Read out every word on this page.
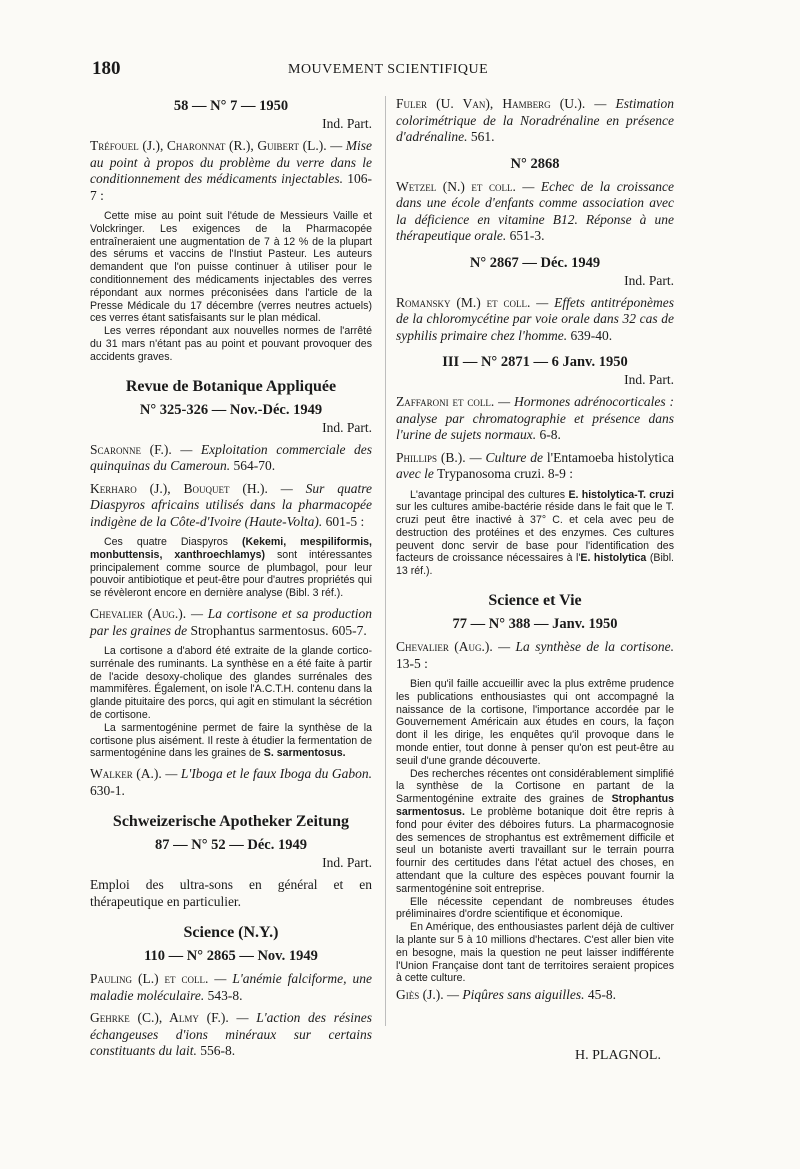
180	MOUVEMENT SCIENTIFIQUE

58 — N° 7 — 1950

Ind. Part.

Tréfouel (J.), Charonnat (R.), Guibert (L.). — Mise au point à propos du problème du verre dans le conditionnement des médicaments injectables. 106-7 :

Cette mise au point suit l'étude de Messieurs Vaille et Volckringer. Les exigences de la Pharmacopée entraîneraient une augmentation de 7 à 12 % de la plupart des sérums et vaccins de l'Instiut Pasteur. Les auteurs demandent que l'on puisse continuer à utiliser pour le conditionnement des médicaments injectables des verres répondant aux normes préconisées dans l'article de la Presse Médicale du 17 décembre (verres neutres actuels) ces verres étant satisfaisants sur le plan médical.

Les verres répondant aux nouvelles normes de l'arrêté du 31 mars n'étant pas au point et pouvant provoquer des accidents graves.

Revue de Botanique Appliquée

N° 325-326 — Nov.-Déc. 1949

Ind. Part.

Scaronne (F.). — Exploitation commerciale des quinquinas du Cameroun. 564-70.

Kerharo (J.), Bouquet (H.). — Sur quatre Diaspyros africains utilisés dans la pharmacopée indigène de la Côte-d'Ivoire (Haute-Volta). 601-5 :

Ces quatre Diaspyros (Kekemi, mespiliformis, monbuttensis, xanthroechlamys) sont intéressantes principalement comme source de plumbagol, pour leur pouvoir antibiotique et peut-être pour d'autres propriétés qui se révèleront encore en dernière analyse (Bibl. 3 réf.).

Chevalier (Aug.). — La cortisone et sa production par les graines de Strophantus sarmentosus. 605-7.

La cortisone a d'abord été extraite de la glande cortico-surrénale des ruminants. La synthèse en a été faite à partir de l'acide desoxy-cholique des glandes surrénales des mammifères. Également, on isole l'A.C.T.H. contenu dans la glande pituitaire des porcs, qui agit en stimulant la sécrétion de cortisone.

La sarmentogénine permet de faire la synthèse de la cortisone plus aisément. Il reste à étudier la fermentation de sarmentogénine dans les graines de S. sarmentosus.

Walker (A.). — L'Iboga et le faux Iboga du Gabon. 630-1.

Schweizerische Apotheker Zeitung

87 — N° 52 — Déc. 1949

Ind. Part.

Emploi des ultra-sons en général et en thérapeutique en particulier.

Science (N.Y.)

110 — N° 2865 — Nov. 1949

Pauling (L.) et coll. — L'anémie falciforme, une maladie moléculaire. 543-8.

Gehrke (C.), Almy (F.). — L'action des résines échangeuses d'ions minéraux sur certains constituants du lait. 556-8.

Fuler (U. Van), Hamberg (U.). — Estimation colorimétrique de la Noradrénaline en présence d'adrénaline. 561.

N° 2868

Wetzel (N.) et coll. — Echec de la croissance dans une école d'enfants comme association avec la déficience en vitamine B12. Réponse à une thérapeutique orale. 651-3.

N° 2867 — Déc. 1949

Ind. Part.

Romansky (M.) et coll. — Effets antitréponèmes de la chloromycétine par voie orale dans 32 cas de syphilis primaire chez l'homme. 639-40.

III — N° 2871 — 6 Janv. 1950

Ind. Part.

Zaffaroni et coll. — Hormones adrénocorticales : analyse par chromatographie et présence dans l'urine de sujets normaux. 6-8.

Phillips (B.). — Culture de l'Entamoeba histolytica avec le Trypanosoma cruzi. 8-9 :

L'avantage principal des cultures E. histolytica-T. cruzi sur les cultures amibe-bactérie réside dans le fait que le T. cruzi peut être inactivé à 37° C. et cela avec peu de destruction des protéines et des enzymes. Ces cultures peuvent donc servir de base pour l'identification des facteurs de croissance nécessaires à l'E. histolytica (Bibl. 13 réf.).

Science et Vie

77 — N° 388 — Janv. 1950

Chevalier (Aug.). — La synthèse de la cortisone. 13-5 :

Bien qu'il faille accueillir avec la plus extrême prudence les publications enthousiastes qui ont accompagné la naissance de la cortisone, l'importance accordée par le Gouvernement Américain aux études en cours, la façon dont il les dirige, les enquêtes qu'il provoque dans le monde entier, tout donne à penser qu'on est peut-être au seuil d'une grande découverte.

Des recherches récentes ont considérablement simplifié la synthèse de la Cortisone en partant de la Sarmentogénine extraite des graines de Strophantus sarmentosus. Le problème botanique doit être repris à fond pour éviter des déboires futurs. La pharmacognosie des semences de strophantus est extrêmement difficile et seul un botaniste averti travaillant sur le terrain pourra fournir des certitudes dans l'état actuel des choses, en attendant que la culture des espèces pouvant fournir la sarmentogénine soit entreprise.

Elle nécessite cependant de nombreuses études préliminaires d'ordre scientifique et économique.

En Amérique, des enthousiastes parlent déjà de cultiver la plante sur 5 à 10 millions d'hectares. C'est aller bien vite en besogne, mais la question ne peut laisser indifférente l'Union Française dont tant de territoires seraient propices à cette culture.

Giès (J.). — Piqûres sans aiguilles. 45-8.

H. PLAGNOL.
